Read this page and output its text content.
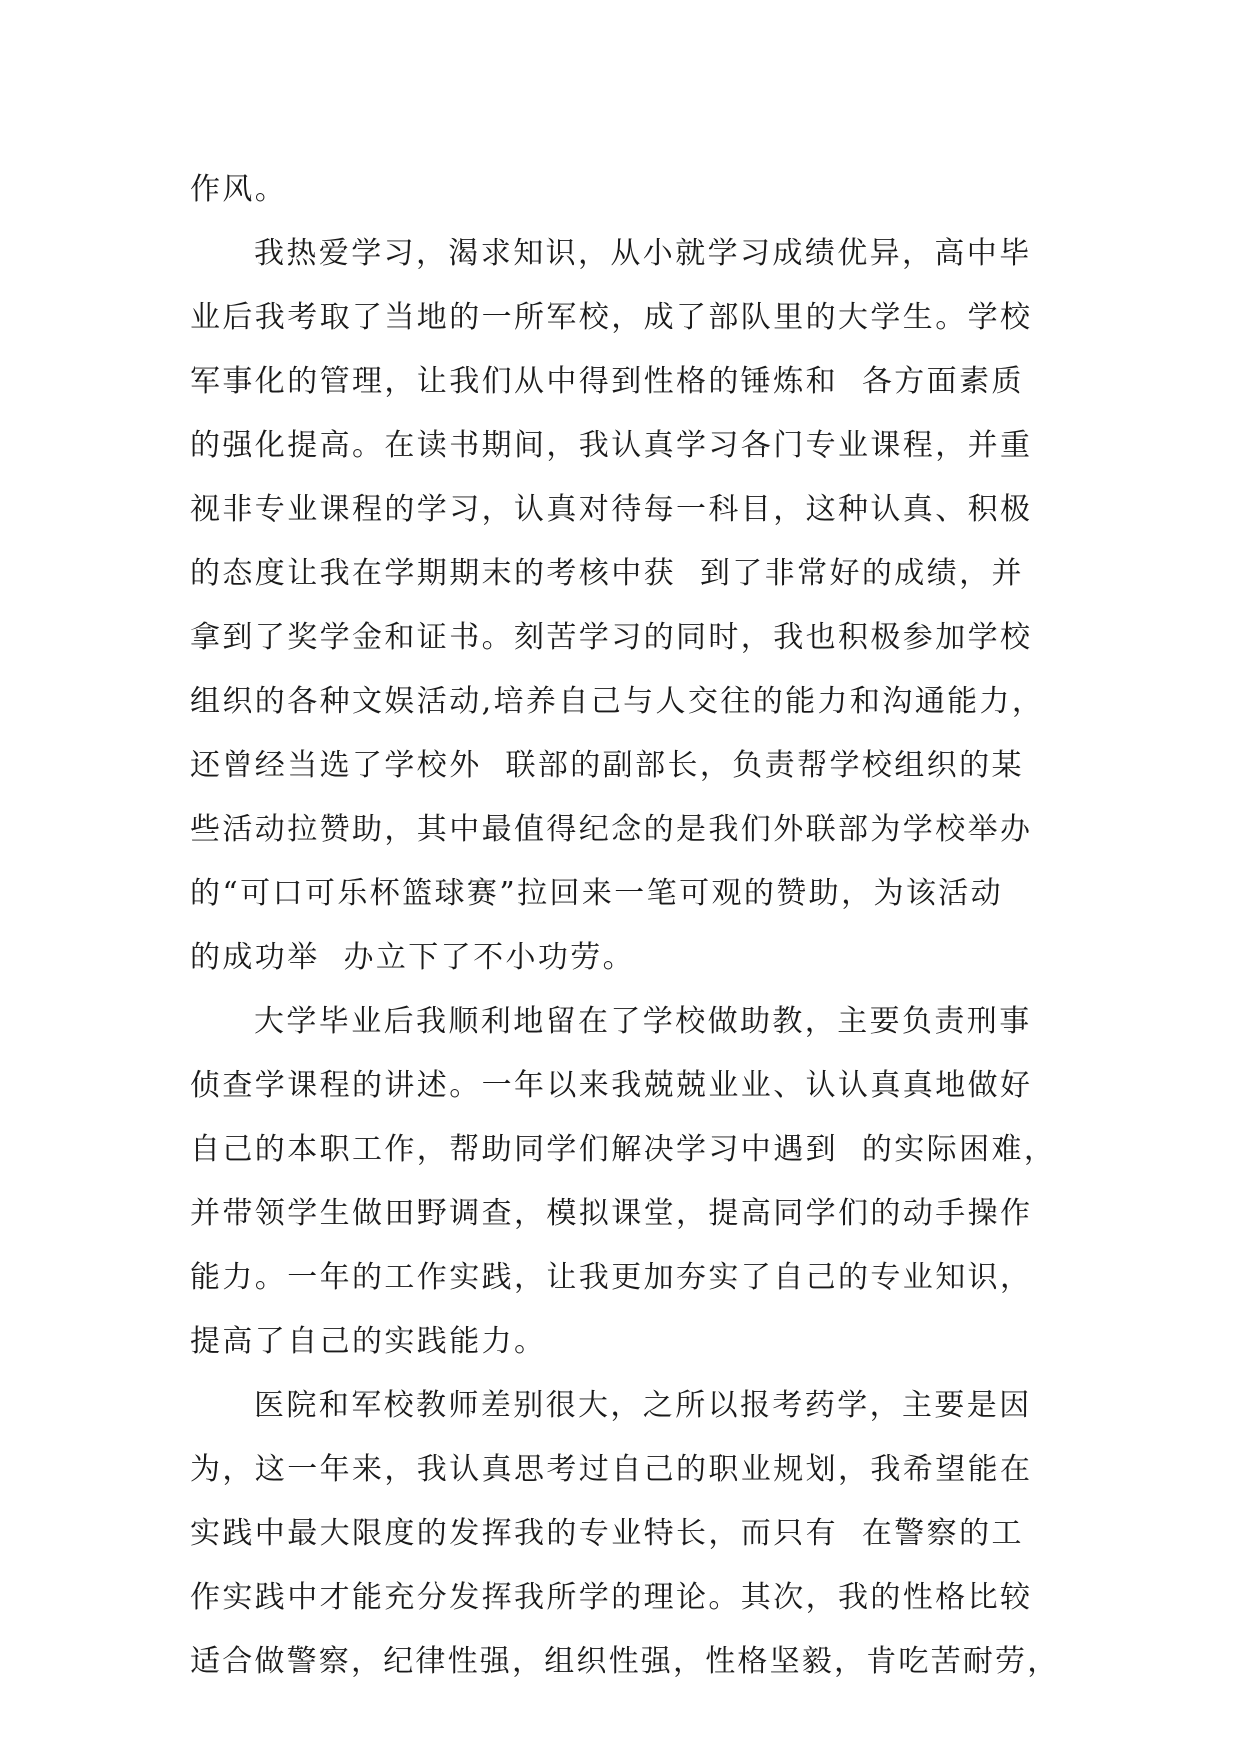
作风。
我热爱学习，渴求知识，从小就学习成绩优异，高中毕
业后我考取了当地的一所军校，成了部队里的大学生。学校
军事化的管理，让我们从中得到性格的锤炼和  各方面素质
的强化提高。在读书期间，我认真学习各门专业课程，并重
视非专业课程的学习，认真对待每一科目，这种认真、积极
的态度让我在学期期末的考核中获  到了非常好的成绩，并
拿到了奖学金和证书。刻苦学习的同时，我也积极参加学校
组织的各种文娱活动,培养自己与人交往的能力和沟通能力，
还曾经当选了学校外  联部的副部长，负责帮学校组织的某
些活动拉赞助，其中最值得纪念的是我们外联部为学校举办
的“可口可乐杯篮球赛”拉回来一笔可观的赞助，为该活动
的成功举  办立下了不小功劳。
大学毕业后我顺利地留在了学校做助教，主要负责刑事
侦查学课程的讲述。一年以来我兢兢业业、认认真真地做好
自己的本职工作，帮助同学们解决学习中遇到  的实际困难，
并带领学生做田野调查，模拟课堂，提高同学们的动手操作
能力。一年的工作实践，让我更加夯实了自己的专业知识，
提高了自己的实践能力。
医院和军校教师差别很大，之所以报考药学，主要是因
为，这一年来，我认真思考过自己的职业规划，我希望能在
实践中最大限度的发挥我的专业特长，而只有  在警察的工
作实践中才能充分发挥我所学的理论。其次，我的性格比较
适合做警察，纪律性强，组织性强，性格坚毅，肯吃苦耐劳，
